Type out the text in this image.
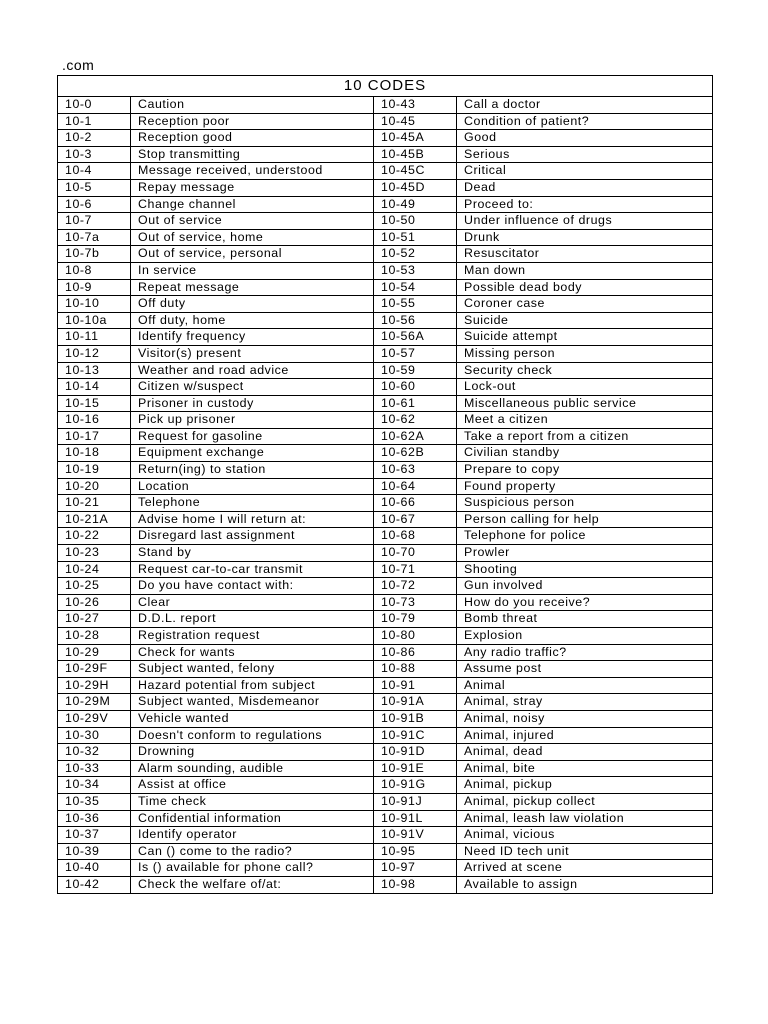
.com
10 CODES			
10-0	Caution	10-43	Call a doctor
10-1	Reception poor	10-45	Condition of patient?
10-2	Reception good	10-45A	Good
10-3	Stop transmitting	10-45B	Serious
10-4	Message received, understood	10-45C	Critical
10-5	Repay message	10-45D	Dead
10-6	Change channel	10-49	Proceed to:
10-7	Out of service	10-50	Under influence of drugs
10-7a	Out of service, home	10-51	Drunk
10-7b	Out of service, personal	10-52	Resuscitator
10-8	In service	10-53	Man down
10-9	Repeat message	10-54	Possible dead body
10-10	Off duty	10-55	Coroner case
10-10a	Off duty, home	10-56	Suicide
10-11	Identify frequency	10-56A	Suicide attempt
10-12	Visitor(s) present	10-57	Missing person
10-13	Weather and road advice	10-59	Security check
10-14	Citizen w/suspect	10-60	Lock-out
10-15	Prisoner in custody	10-61	Miscellaneous public service
10-16	Pick up prisoner	10-62	Meet a citizen
10-17	Request for gasoline	10-62A	Take a report from a citizen
10-18	Equipment exchange	10-62B	Civilian standby
10-19	Return(ing) to station	10-63	Prepare to copy
10-20	Location	10-64	Found property
10-21	Telephone	10-66	Suspicious person
10-21A	Advise home I will return at:	10-67	Person calling for help
10-22	Disregard last assignment	10-68	Telephone for police
10-23	Stand by	10-70	Prowler
10-24	Request car-to-car transmit	10-71	Shooting
10-25	Do you have contact with:	10-72	Gun involved
10-26	Clear	10-73	How do you receive?
10-27	D.D.L. report	10-79	Bomb threat
10-28	Registration request	10-80	Explosion
10-29	Check for wants	10-86	Any radio traffic?
10-29F	Subject wanted, felony	10-88	Assume post
10-29H	Hazard potential from subject	10-91	Animal
10-29M	Subject wanted, Misdemeanor	10-91A	Animal, stray
10-29V	Vehicle wanted	10-91B	Animal, noisy
10-30	Doesn't conform to regulations	10-91C	Animal, injured
10-32	Drowning	10-91D	Animal, dead
10-33	Alarm sounding, audible	10-91E	Animal, bite
10-34	Assist at office	10-91G	Animal, pickup
10-35	Time check	10-91J	Animal, pickup collect
10-36	Confidential information	10-91L	Animal, leash law violation
10-37	Identify operator	10-91V	Animal, vicious
10-39	Can () come to the radio?	10-95	Need ID tech unit
10-40	Is () available for phone call?	10-97	Arrived at scene
10-42	Check the welfare of/at:	10-98	Available to assign
